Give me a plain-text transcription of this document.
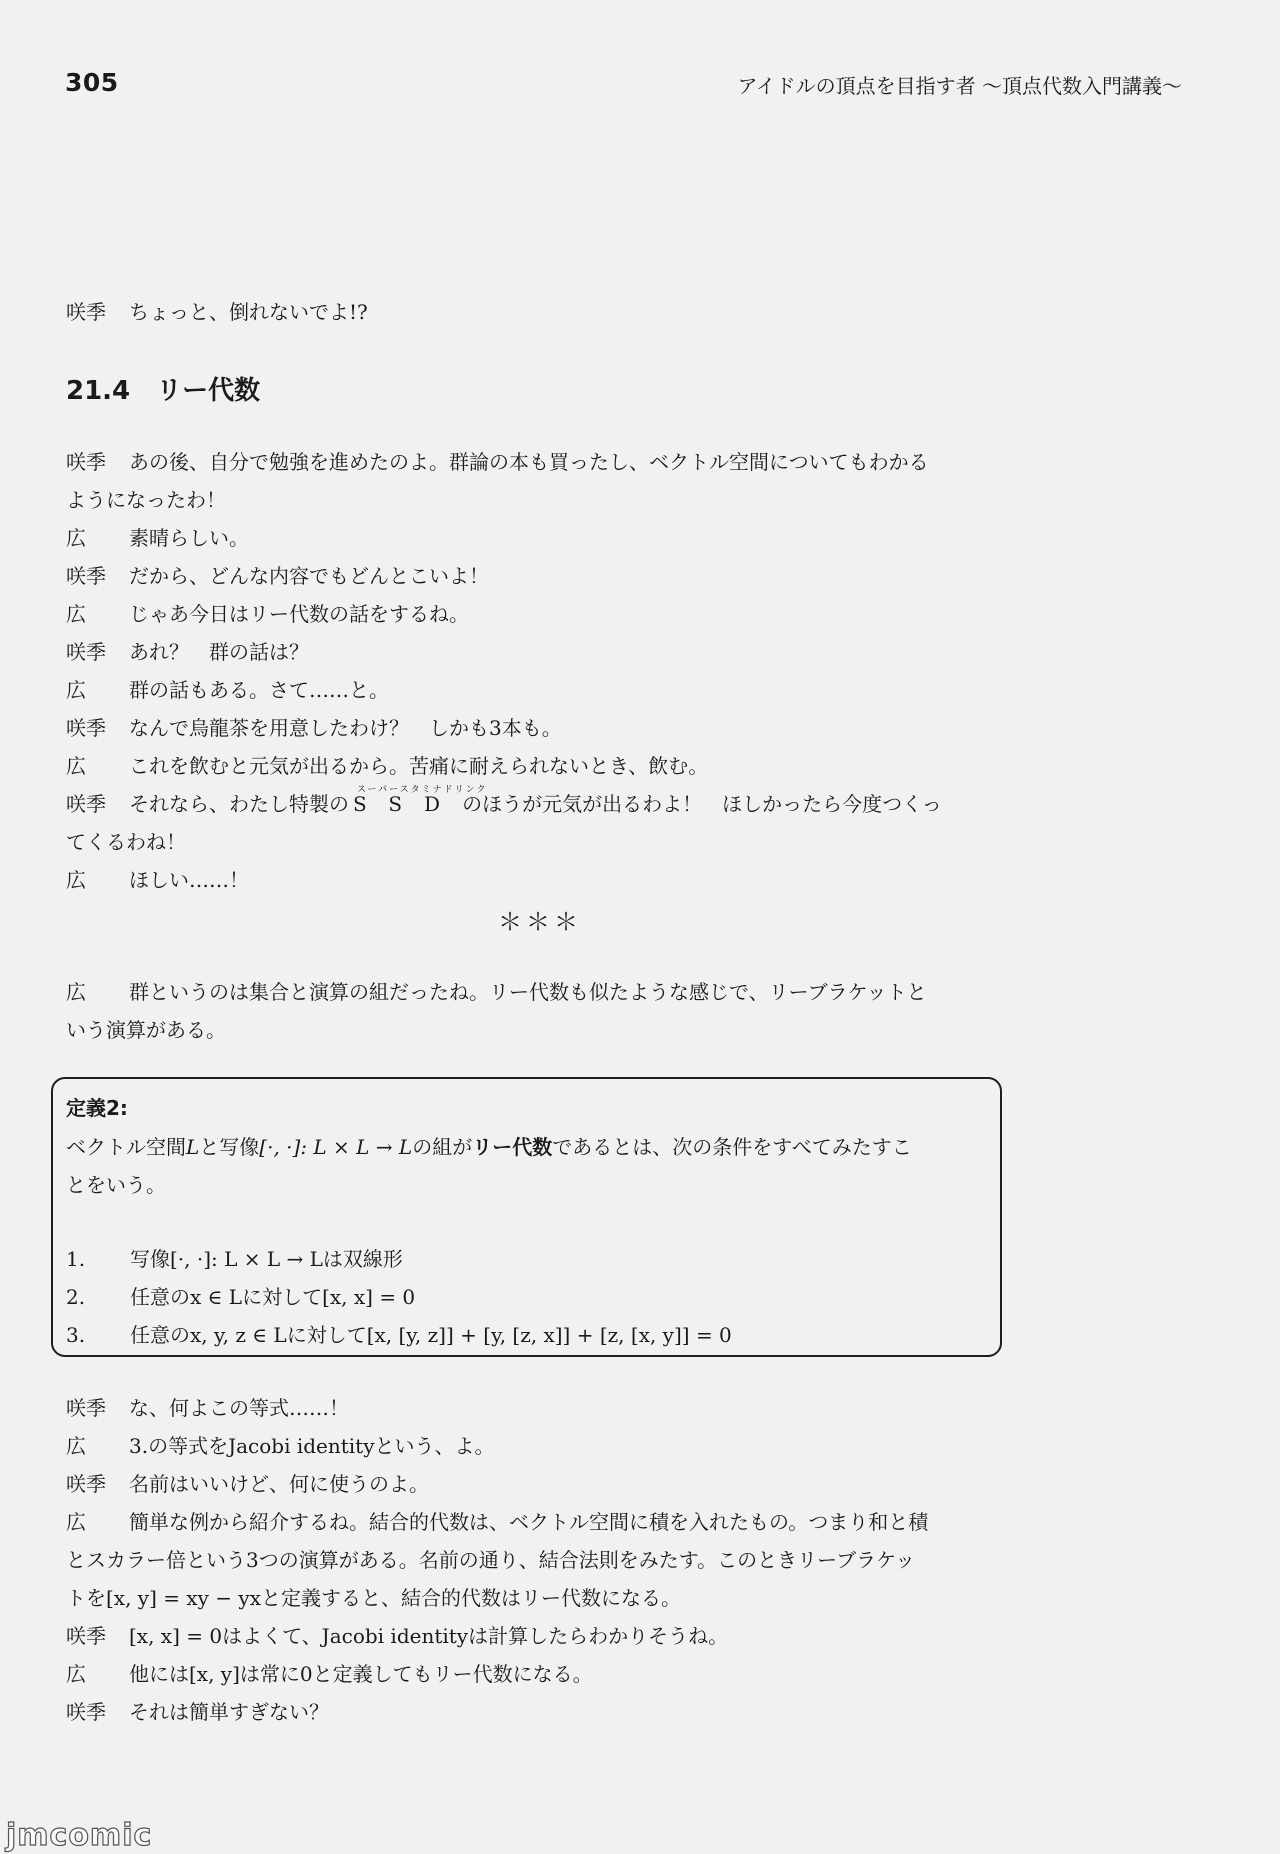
305	アイドルの頂点を目指す者 〜頂点代数入門講義〜
咲季 ちょっと、倒れないでよ!?
21.4 リー代数
咲季 あの後、自分で勉強を進めたのよ。群論の本も買ったし、ベクトル空間についてもわかる
ようになったわ！
広 素晴らしい。
咲季 だから、どんな内容でもどんとこいよ！
広 じゃあ今日はリー代数の話をするね。
咲季 あれ？　群の話は？
広 群の話もある。さて……と。
咲季 なんで烏龍茶を用意したわけ？　しかも3本も。
広 これを飲むと元気が出るから。苦痛に耐えられないとき、飲む。
スーパースタミナドリンク
咲季 それなら、わたし特製の SSDのほうが元気が出るわよ！　ほしかったら今度つくっ
てくるわね！
広 ほしい……！
＊＊＊
広 群というのは集合と演算の組だったね。リー代数も似たような感じで、リーブラケットと
いう演算がある。
定義2:
ベクトル空間Lと写像[·, ·]: L × L → Lの組がリー代数であるとは、次の条件をすべてみたすこ
とをいう。
1. 写像[·, ·]: L × L → Lは双線形
2. 任意のx ∈ Lに対して[x, x] = 0
3. 任意のx, y, z ∈ Lに対して[x, [y, z]] + [y, [z, x]] + [z, [x, y]] = 0
咲季 な、何よこの等式……！
広 3.の等式をJacobi identityという、よ。
咲季 名前はいいけど、何に使うのよ。
広 簡単な例から紹介するね。結合的代数は、ベクトル空間に積を入れたもの。つまり和と積
とスカラー倍という3つの演算がある。名前の通り、結合法則をみたす。このときリーブラケッ
トを[x, y] = xy − yxと定義すると、結合的代数はリー代数になる。
咲季 [x, x] = 0はよくて、Jacobi identityは計算したらわかりそうね。
広 他には[x, y]は常に0と定義してもリー代数になる。
咲季 それは簡単すぎない？
jmcomic
